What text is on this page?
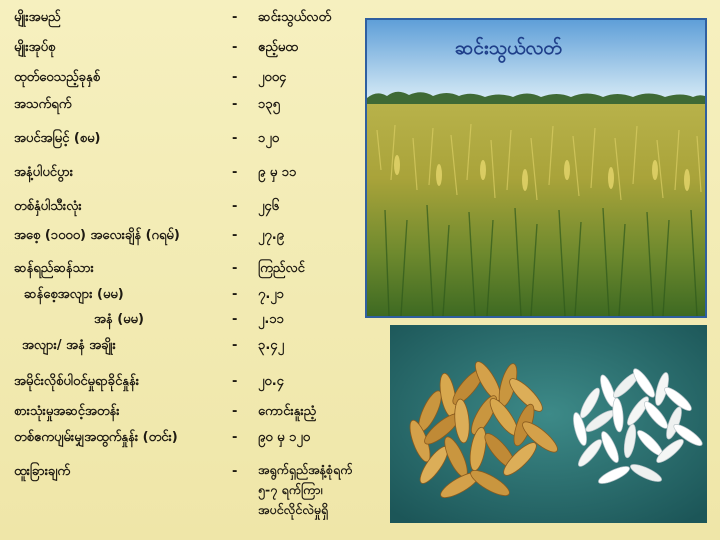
မျိုးအမည်	- ဆင်းသွယ်လတ်
မျိုးအုပ်စု	- ဧည့်မထ
ထုတ်ဝေသည့်ခုနှစ်	- ၂၀၀၄
အသက်ရက်	- ၁၃၅
အပင်အမြင့် (စမ)	- ၁၂၀
အနံ့ပါပင်ပွား	- ၉ မှ ၁၁
တစ်နှံပါသီးလုံး	- ၂၄၆
အစေ့ (၁၀၀၀) အလေးချိန် (ဂရမ်)	- ၂၇.၉
ဆန်ရည်ဆန်သား	- ကြည်လင်
ဆန်စေ့အလျား (မမ)	- ၇.၂၁
အနံ (မမ)	- ၂.၁၁
အလျား/ အနံ အချိုး	- ၃.၄၂
အမိုင်းလိုစ်ပါဝင်မှုရာခိုင်နှုန်း	- ၂၀.၄
စားသုံးမှုအဆင့်အတန်း	- ကောင်းနူးညံ့
တစ်ဧကပျမ်းမျှအထွက်နှုန်း (တင်း)	- ၉၀ မှ ၁၂၀
ထူးခြားချက်	- အရွက်ရှည်အနံ့စုံရက်
၅-၇ ရက်ကြာ၊
အပင်လိုင်လဲမှုရှိ
ဆင်းသွယ်လတ်
